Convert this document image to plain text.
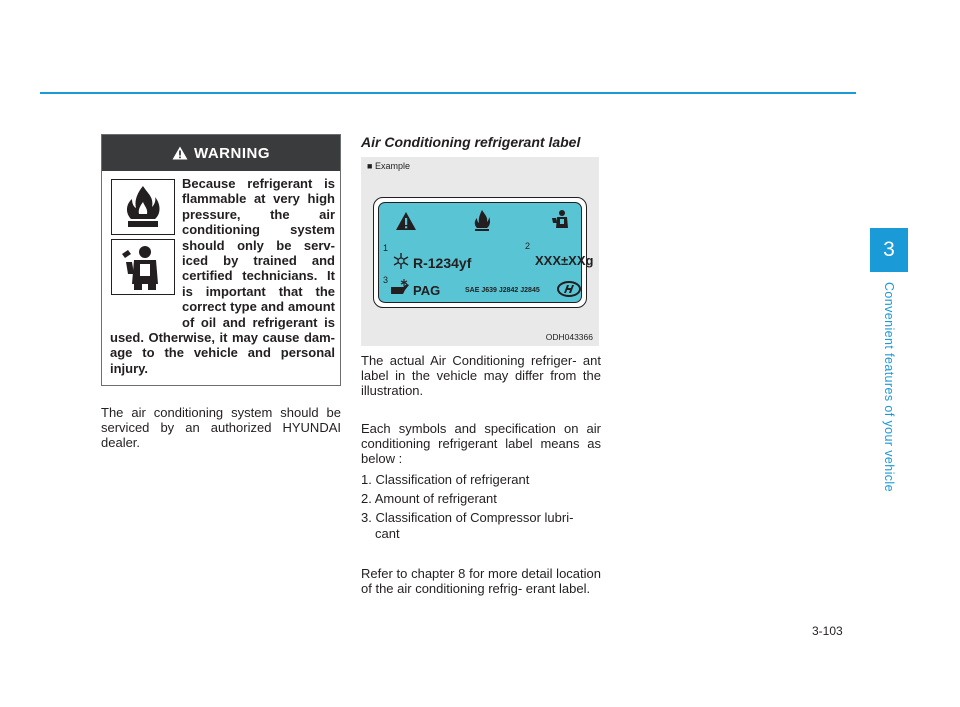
3
Convenient features of your vehicle
WARNING
Because refrigerant is flammable at very high pressure, the air conditioning system should only be serv- iced by trained and certified technicians. It is important that the correct type and amount of oil and refrigerant is used. Otherwise, it may cause dam- age to the vehicle and personal injury.
The air conditioning system should be serviced by an authorized HYUNDAI dealer.
Air Conditioning refrigerant label
■ Example
1
R-1234yf
2
XXX±XXg
3
PAG	SAE J639 J2842 J2845
ODH043366
The actual Air Conditioning refriger- ant label in the vehicle may differ from the illustration.
Each symbols and specification on air conditioning refrigerant label means as below :
1. Classification of refrigerant
2. Amount of refrigerant
3. Classification of Compressor lubri- cant
Refer to chapter 8 for more detail location of the air conditioning refrig- erant label.
3-103
